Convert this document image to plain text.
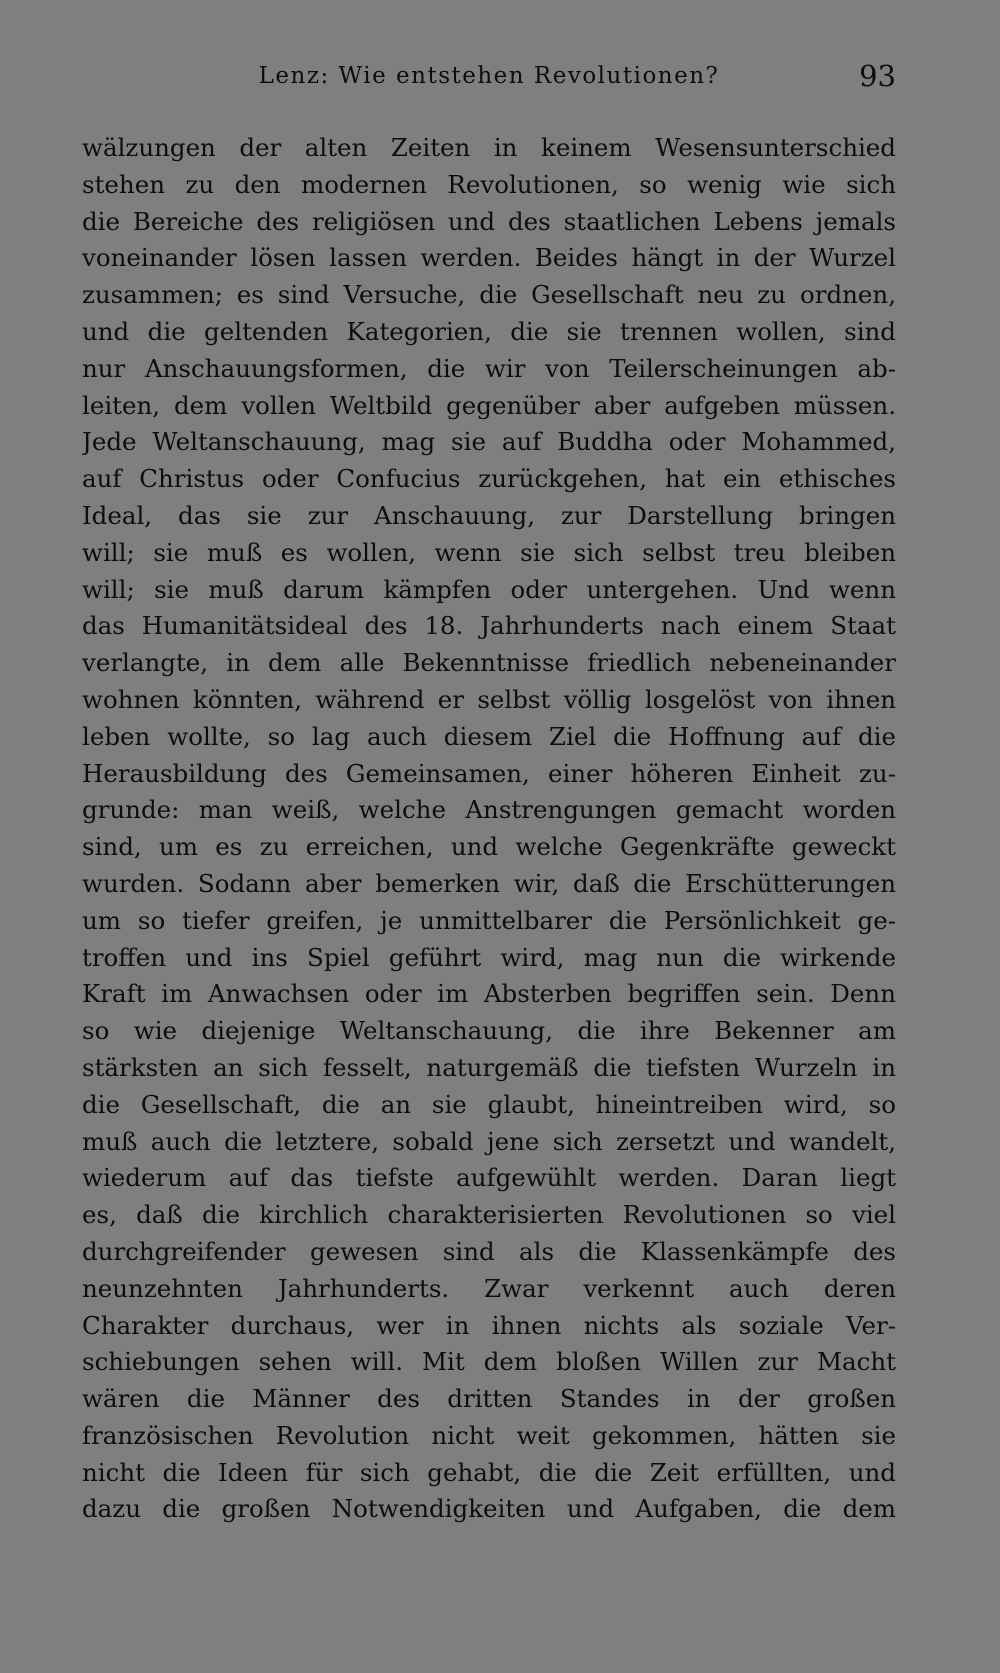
Lenz: Wie entstehen Revolutionen?	93
wälzungen der alten Zeiten in keinem Wesensunterschied
stehen zu den modernen Revolutionen, so wenig wie sich
die Bereiche des religiösen und des staatlichen Lebens jemals
voneinander lösen lassen werden. Beides hängt in der Wurzel
zusammen; es sind Versuche, die Gesellschaft neu zu ordnen,
und die geltenden Kategorien, die sie trennen wollen, sind
nur Anschauungsformen, die wir von Teilerscheinungen ab-
leiten, dem vollen Weltbild gegenüber aber aufgeben müssen.
Jede Weltanschauung, mag sie auf Buddha oder Mohammed,
auf Christus oder Confucius zurückgehen, hat ein ethisches
Ideal, das sie zur Anschauung, zur Darstellung bringen
will; sie muß es wollen, wenn sie sich selbst treu bleiben
will; sie muß darum kämpfen oder untergehen. Und wenn
das Humanitätsideal des 18. Jahrhunderts nach einem Staat
verlangte, in dem alle Bekenntnisse friedlich nebeneinander
wohnen könnten, während er selbst völlig losgelöst von ihnen
leben wollte, so lag auch diesem Ziel die Hoffnung auf die
Herausbildung des Gemeinsamen, einer höheren Einheit zu-
grunde: man weiß, welche Anstrengungen gemacht worden
sind, um es zu erreichen, und welche Gegenkräfte geweckt
wurden. Sodann aber bemerken wir, daß die Erschütterungen
um so tiefer greifen, je unmittelbarer die Persönlichkeit ge-
troffen und ins Spiel geführt wird, mag nun die wirkende
Kraft im Anwachsen oder im Absterben begriffen sein. Denn
so wie diejenige Weltanschauung, die ihre Bekenner am
stärksten an sich fesselt, naturgemäß die tiefsten Wurzeln in
die Gesellschaft, die an sie glaubt, hineintreiben wird, so
muß auch die letztere, sobald jene sich zersetzt und wandelt,
wiederum auf das tiefste aufgewühlt werden. Daran liegt
es, daß die kirchlich charakterisierten Revolutionen so viel
durchgreifender gewesen sind als die Klassenkämpfe des
neunzehnten Jahrhunderts. Zwar verkennt auch deren
Charakter durchaus, wer in ihnen nichts als soziale Ver-
schiebungen sehen will. Mit dem bloßen Willen zur Macht
wären die Männer des dritten Standes in der großen
französischen Revolution nicht weit gekommen, hätten sie
nicht die Ideen für sich gehabt, die die Zeit erfüllten, und
dazu die großen Notwendigkeiten und Aufgaben, die dem
